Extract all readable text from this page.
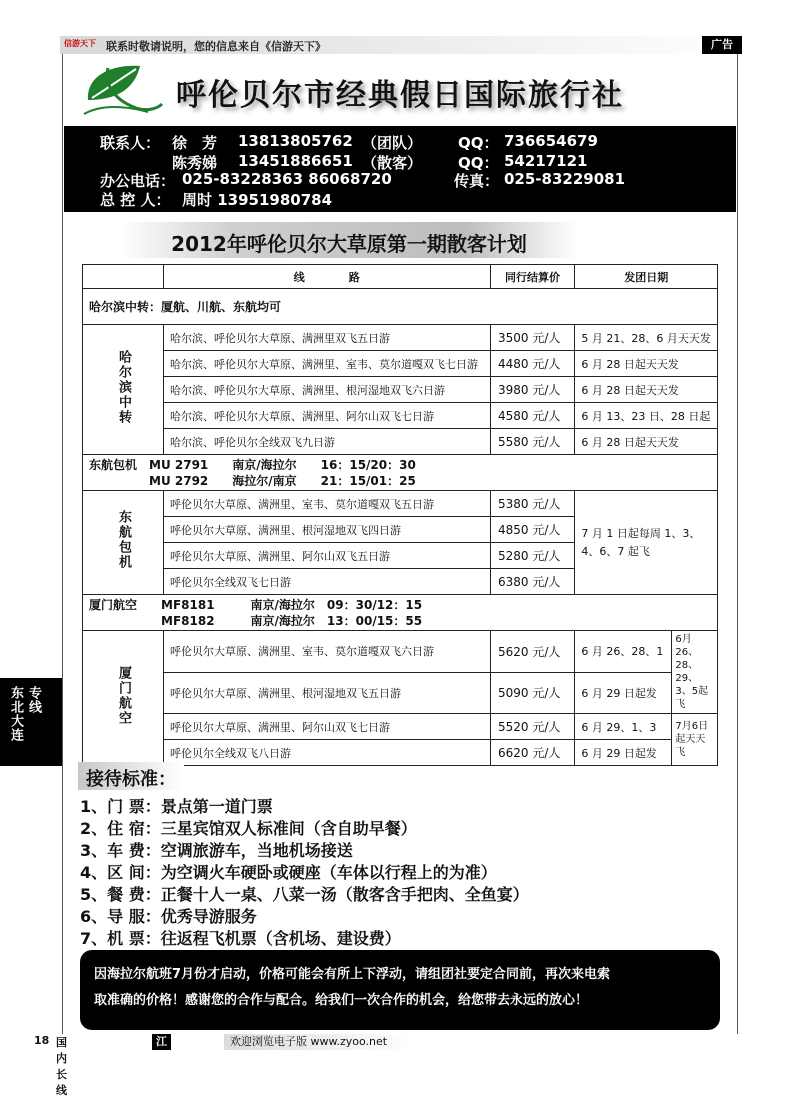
信游天下 联系时敬请说明，您的信息来自《信游天下》	广告
呼伦贝尔市经典假日国际旅行社
联系人： 徐　芳 13813805762 （团队） QQ： 736654679
陈秀娣 13451886651 （散客） QQ： 54217121
办公电话： 025-83228363 86068720	传真： 025-83229081
总 控 人： 周时 13951980784
2012年呼伦贝尔大草原第一期散客计划
	线　　　　路	同行结算价	发团日期	
哈尔滨中转：厦航、川航、东航均可				
哈尔滨中转	哈尔滨、呼伦贝尔大草原、满洲里双飞五日游	3500 元/人	5 月 21、28、6 月天天发	
	哈尔滨、呼伦贝尔大草原、满洲里、室韦、莫尔道嘎双飞七日游	4480 元/人	6 月 28 日起天天发	
	哈尔滨、呼伦贝尔大草原、满洲里、根河湿地双飞六日游	3980 元/人	6 月 28 日起天天发	
	哈尔滨、呼伦贝尔大草原、满洲里、阿尔山双飞七日游	4580 元/人	6 月 13、23 日、28 日起	
	哈尔滨、呼伦贝尔全线双飞九日游	5580 元/人	6 月 28 日起天天发	

东航包机　MU 2791　　南京/海拉尔　　16：15/20：30
　　　　　MU 2792　　海拉尔/南京　　21：15/01：25				

东航包机	呼伦贝尔大草原、满洲里、室韦、莫尔道嘎双飞五日游	5380 元/人	7 月 1 日起每周 1、3、4、6、7 起飞	
	呼伦贝尔大草原、满洲里、根河湿地双飞四日游	4850 元/人		
	呼伦贝尔大草原、满洲里、阿尔山双飞五日游	5280 元/人		
	呼伦贝尔全线双飞七日游	6380 元/人		

厦门航空　　MF8181　　　南京/海拉尔　09：30/12：15
　　　　　　MF8182　　　南京/海拉尔　13：00/15：55				

厦门航空	呼伦贝尔大草原、满洲里、室韦、莫尔道嘎双飞六日游	5620 元/人	6 月 26、28、1	6月26、28、29、3、5起飞
	呼伦贝尔大草原、满洲里、根河湿地双飞五日游	5090 元/人	6 月 29 日起发	
	呼伦贝尔大草原、满洲里、阿尔山双飞七日游	5520 元/人	6 月 29、1、3	7月6日起天天飞
	呼伦贝尔全线双飞八日游	6620 元/人	6 月 29 日起发	
接待标准：
1、门 票：景点第一道门票
2、住 宿：三星宾馆双人标准间（含自助早餐）
3、车 费：空调旅游车，当地机场接送
4、区 间：为空调火车硬卧或硬座（车体以行程上的为准）
5、餐 费：正餐十人一桌、八菜一汤（散客含手把肉、全鱼宴）
6、导 服：优秀导游服务
7、机 票：往返程飞机票（含机场、建设费）
因海拉尔航班7月份才启动，价格可能会有所上下浮动，请组团社要定合同前，再次来电索
取准确的价格！感谢您的合作与配合。给我们一次合作的机会，给您带去永远的放心！
东北大连 专线
18 国内长线
江苏皖南版
欢迎浏览电子版 www.zyoo.net
